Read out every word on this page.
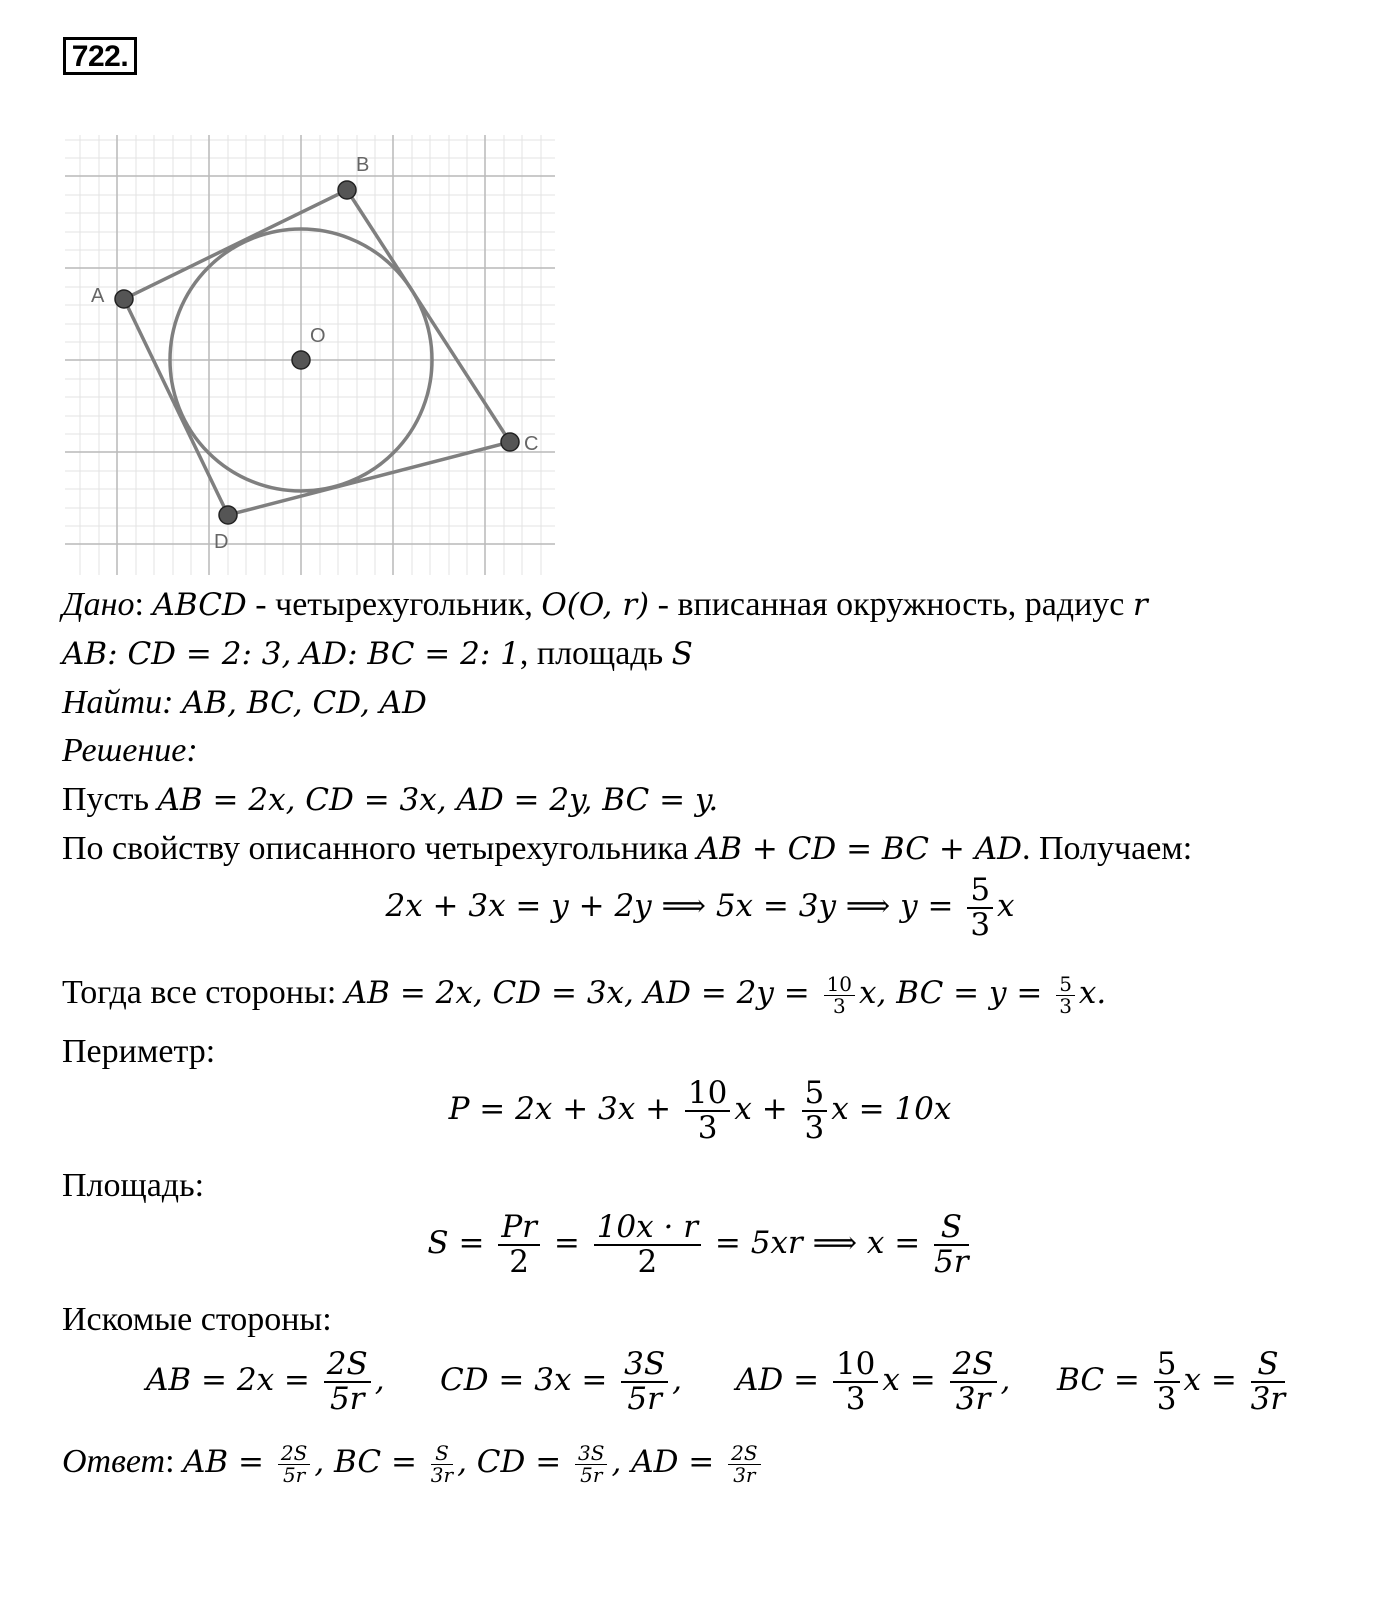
722.
A
B
C
D
O
Дано: ABCD - четырехугольник, O(O, r) - вписанная окружность, радиус r
AB: CD = 2: 3, AD: BC = 2: 1, площадь S
Найти: AB, BC, CD, AD
Решение:
Пусть AB = 2x, CD = 3x, AD = 2y, BC = y.
По свойству описанного четырехугольника AB + CD = BC + AD. Получаем:
2x + 3x = y + 2y ⟹ 5x = 3y ⟹ $y = \frac{5}{3}$ x
Тогда все стороны: AB = 2x, CD = 3x, AD = $2y = \frac{10}{3} x$, BC = $y = \frac{5}{3} x$.
Периметр:
$P = 2x + 3x + \frac{10}{3}$ $x + \frac{5}{3}$ x = 10x
Площадь:
$S = \frac{Pr}{2} = \frac{10x \cdot r}{2} = 5xr$ ⟹ $x = \frac{S}{5r}$
Искомые стороны:
AB = $2x = \frac{2S}{5r}$ , CD = $3x = \frac{3S}{5r}$ , AD = $\frac{10}{3}$ $x = \frac{2S}{3r}$ , BC = $\frac{5}{3}$ $x = \frac{S}{3r}$
Ответ: AB = $\frac{2S}{5r}$ , BC = $\frac{S}{3r}$ , CD = $\frac{3S}{5r}$ , AD = $\frac{2S}{3r}$
